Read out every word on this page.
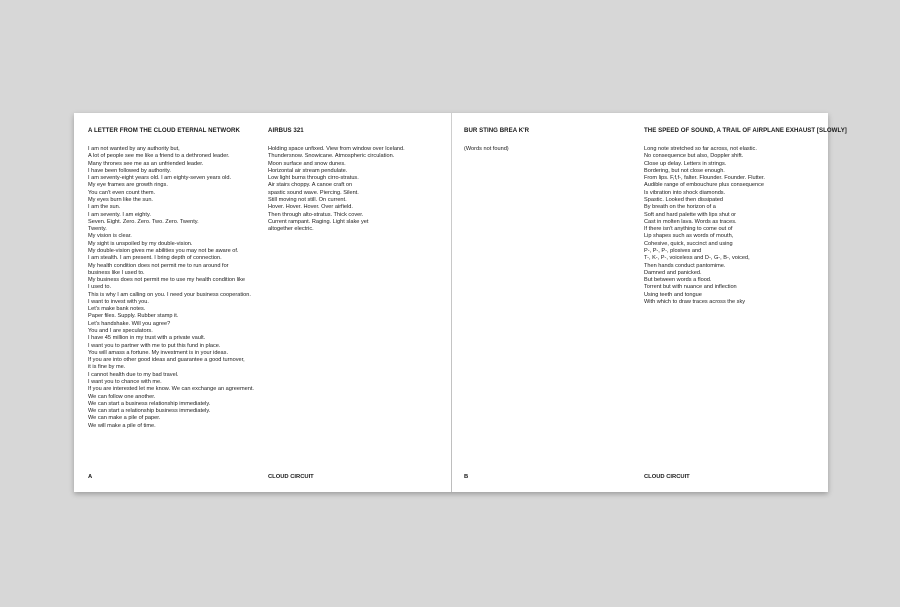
A LETTER FROM THE CLOUD ETERNAL NETWORK
I am not wanted by any authority but,
A lot of people see me like a friend to a dethroned leader.
Many thrones see me as an unfriended leader.
I have been followed by authority.
I am seventy-eight years old. I am eighty-seven years old.
My eye frames are growth rings.
You can't even count them.
My eyes burn like the sun.
I am the sun.
I am seventy. I am eighty.
Seven. Eight. Zero. Zero. Two. Zero. Twenty.
Twenty.
My vision is clear.
My sight is unspoiled by my double-vision.
My double-vision gives me abilities you may not be aware of.
I am stealth. I am present. I bring depth of connection.
My health condition does not permit me to run around for
business like I used to.
My business does not permit me to use my health condition like
I used to.
This is why I am calling on you. I need your business cooperation.
I want to invest with you.
Let's make bank notes.
Paper files. Supply. Rubber stamp it.
Let's handshake. Will you agree?
You and I are speculators.
I have 45 million in my trust with a private vault.
I want you to partner with me to put this fund in place.
You will amass a fortune. My investment is in your ideas.
If you are into other good ideas and guarantee a good turnover,
it is fine by me.
I cannot health due to my bad travel.
I want you to chance with me.
If you are interested let me know. We can exchange an agreement.
We can follow one another.
We can start a business relationship immediately.
We can start a relationship business immediately.
We can make a pile of paper.
We will make a pile of time.
AIRBUS 321
Holding space unfixed. View from window over Iceland.
Thundersnow. Snowicane. Atmospheric circulation.
Moon surface and snow dunes.
Horizontal air stream pendulate.
Low light burns through cirro-stratus.
Air stairs choppy. A canoe craft on
spastic sound wave. Piercing. Silent.
Still moving not still. On current.
Hover. Hover. Hover. Over airfield.
Then through alto-stratus. Thick cover.
Current rampant. Raging. Light slake yet
altogether electric.
A	CLOUD CIRCUIT
BUR STING BREA K'R
(Words not found)
THE SPEED OF SOUND, A TRAIL OF AIRPLANE EXHAUST [SLOWLY]
Long note stretched so far across, not elastic.
No consequence but also, Doppler shift.
Close up delay. Letters in strings.
Bordering, but not close enough.
From lips. F,f,f-, falter. Flounder. Founder. Flutter.
Audible range of embouchure plus consequence
Is vibration into shock diamonds.
Spastic. Looked then dissipated
By breath on the horizon of a
Soft and hard palette with lips shut or
Cast in molten lava. Words as traces.
If there isn't anything to come out of
Lip shapes such as words of mouth,
Cohesive, quick, succinct and using
P-, P-, P-, plosives and
T-, K-, P-, voiceless and D-, G-, B-, voiced,
Then hands conduct pantomime.
Damned and panicked.
But between words a flood.
Torrent but with nuance and inflection
Using teeth and tongue
With which to draw traces across the sky
B	CLOUD CIRCUIT
